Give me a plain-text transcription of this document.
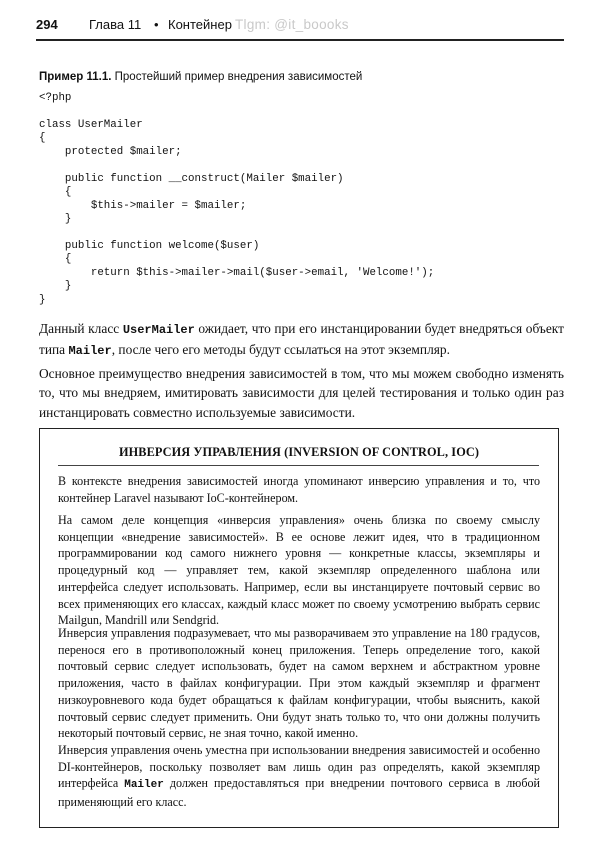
294 Глава 11 • Контейнер Tlgm: @it_boooks
Пример 11.1. Простейший пример внедрения зависимостей
<?php

class UserMailer
{
protected $mailer;

public function __construct(Mailer $mailer)
{
$this->mailer = $mailer;
}

public function welcome($user)
{
return $this->mailer->mail($user->email, 'Welcome!');
}
}

Данный класс UserMailer ожидает, что при его инстанцировании будет внедряться объект типа Mailer, после чего его методы будут ссылаться на этот экземпляр.

Основное преимущество внедрения зависимостей в том, что мы можем свободно изменять то, что мы внедряем, имитировать зависимости для целей тестирования и только один раз инстанцировать совместно используемые зависимости.

ИНВЕРСИЯ УПРАВЛЕНИЯ (INVERSION OF CONTROL, IOC)

В контексте внедрения зависимостей иногда упоминают инверсию управления и то, что контейнер Laravel называют IoC-контейнером.

На самом деле концепция «инверсия управления» очень близка по своему смыслу концепции «внедрение зависимостей». В ее основе лежит идея, что в традиционном программировании код самого нижнего уровня — конкретные классы, экземпляры и процедурный код — управляет тем, какой экземпляр определенного шаблона или интерфейса следует использовать. Например, если вы инстанцируете почтовый сервис во всех применяющих его классах, каждый класс может по своему усмотрению выбрать сервис Mailgun, Mandrill или Sendgrid.

Инверсия управления подразумевает, что мы разворачиваем это управление на 180 градусов, перенося его в противоположный конец приложения. Теперь определение того, какой почтовый сервис следует использовать, будет на самом верхнем и абстрактном уровне приложения, часто в файлах конфигурации. При этом каждый экземпляр и фрагмент низкоуровневого кода будет обращаться к файлам конфигурации, чтобы выяснить, какой почтовый сервис следует применить. Они будут знать только то, что они должны получить некоторый почтовый сервис, не зная точно, какой именно.

Инверсия управления очень уместна при использовании внедрения зависимостей и особенно DI-контейнеров, поскольку позволяет вам лишь один раз определять, какой экземпляр интерфейса Mailer должен предоставляться при внедрении почтового сервиса в любой применяющий его класс.
